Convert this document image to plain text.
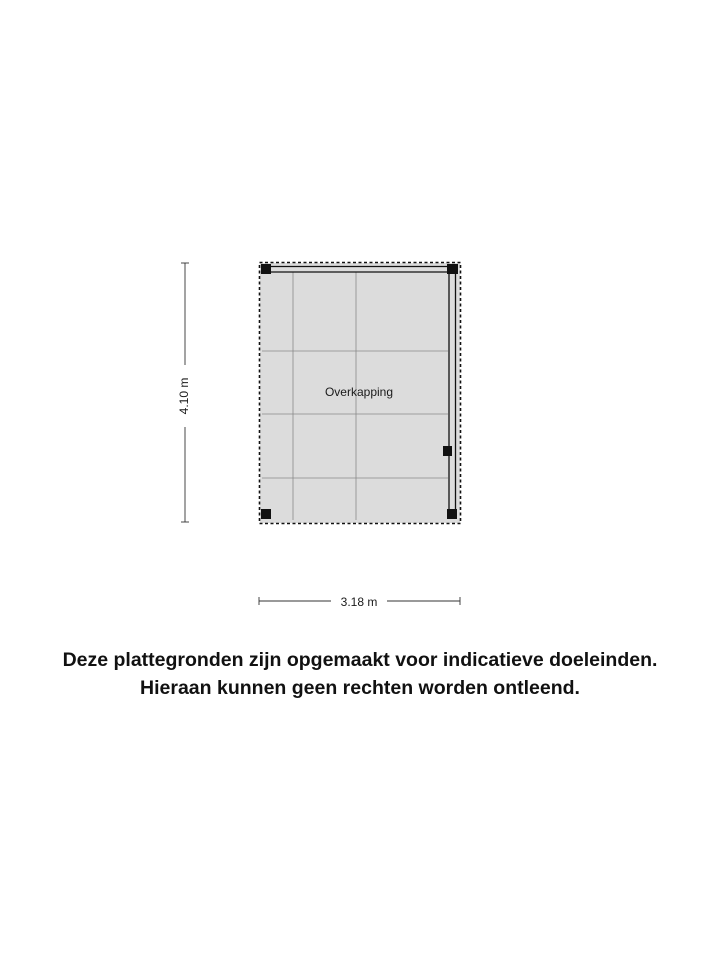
Overkapping
4.10 m
3.18 m
Deze plattegronden zijn opgemaakt voor indicatieve doeleinden.
Hieraan kunnen geen rechten worden ontleend.
